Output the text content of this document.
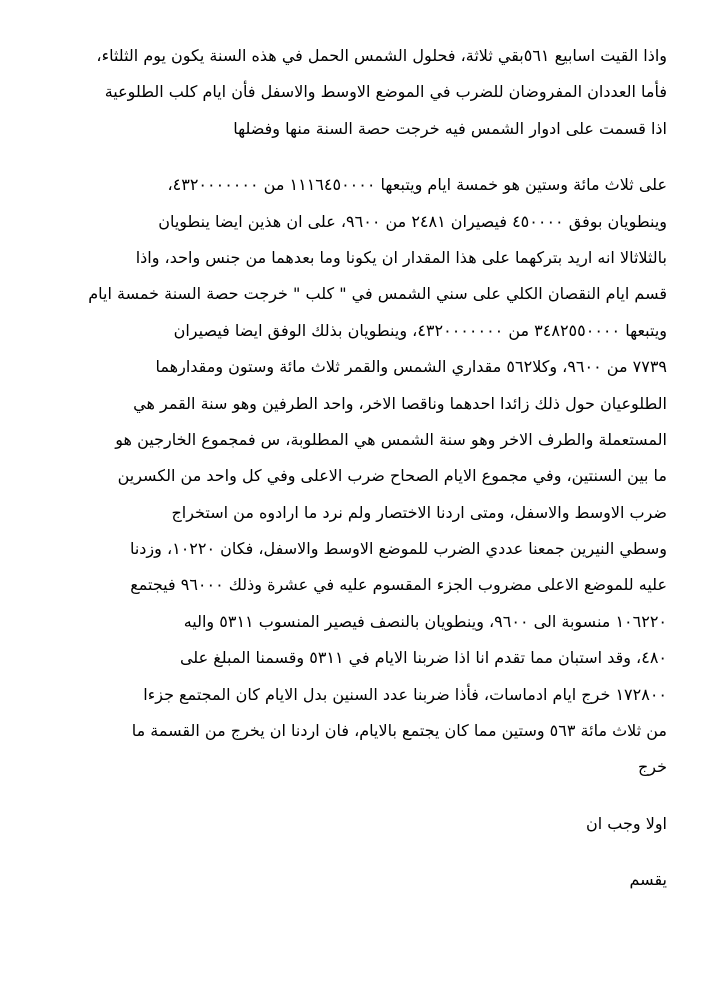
واذا القيت اسابيع ٥٦١بقي ثلاثة، فحلول الشمس الحمل في هذه السنة يكون يوم الثلثاء،
فأما العددان المفروضان للضرب في الموضع الاوسط والاسفل فأن ايام كلب الطلوعية
اذا قسمت على ادوار الشمس فيه خرجت حصة السنة منها وفضلها
على ثلاث مائة وستين هو خمسة ايام ويتبعها ١١١٦٤٥٠٠٠٠ من ٤٣٢٠٠٠٠٠٠٠،
وينطويان بوفق ٤٥٠٠٠٠ فيصيران ٢٤٨١ من ٩٦٠٠، على ان هذين ايضا ينطويان
بالثلاثالا انه اريد بتركهما على هذا المقدار ان يكونا وما بعدهما من جنس واحد، واذا
قسم ايام النقصان الكلي على سني الشمس في " كلب " خرجت حصة السنة خمسة ايام
ويتبعها ٣٤٨٢٥٥٠٠٠٠ من ٤٣٢٠٠٠٠٠٠٠، وينطويان بذلك الوفق ايضا فيصيران
٧٧٣٩ من ٩٦٠٠، وكلا٥٦٢ مقداري الشمس والقمر ثلاث مائة وستون ومقدارهما
الطلوعيان حول ذلك زائدا احدهما وناقصا الاخر، واحد الطرفين وهو سنة القمر هي
المستعملة والطرف الاخر وهو سنة الشمس هي المطلوبة، س فمجموع الخارجين هو
ما بين السنتين، وفي مجموع الايام الصحاح ضرب الاعلى وفي كل واحد من الكسرين
ضرب الاوسط والاسفل، ومتى اردنا الاختصار ولم نرد ما ارادوه من استخراج
وسطي النيرين جمعنا عددي الضرب للموضع الاوسط والاسفل، فكان ١٠٢٢٠، وزدنا
عليه للموضع الاعلى مضروب الجزء المقسوم عليه في عشرة وذلك ٩٦٠٠٠ فيجتمع
١٠٦٢٢٠ منسوبة الى ٩٦٠٠، وينطويان بالنصف فيصير المنسوب ٥٣١١ واليه
٤٨٠، وقد استبان مما تقدم انا اذا ضربنا الايام في ٥٣١١ وقسمنا المبلغ على
١٧٢٨٠٠ خرج ايام ادماسات، فأذا ضربنا عدد السنين بدل الايام كان المجتمع جزءا
من ثلاث مائة ٥٦٣ وستين مما كان يجتمع بالايام، فان اردنا ان يخرج من القسمة ما
خرج
اولا وجب ان
يقسم
